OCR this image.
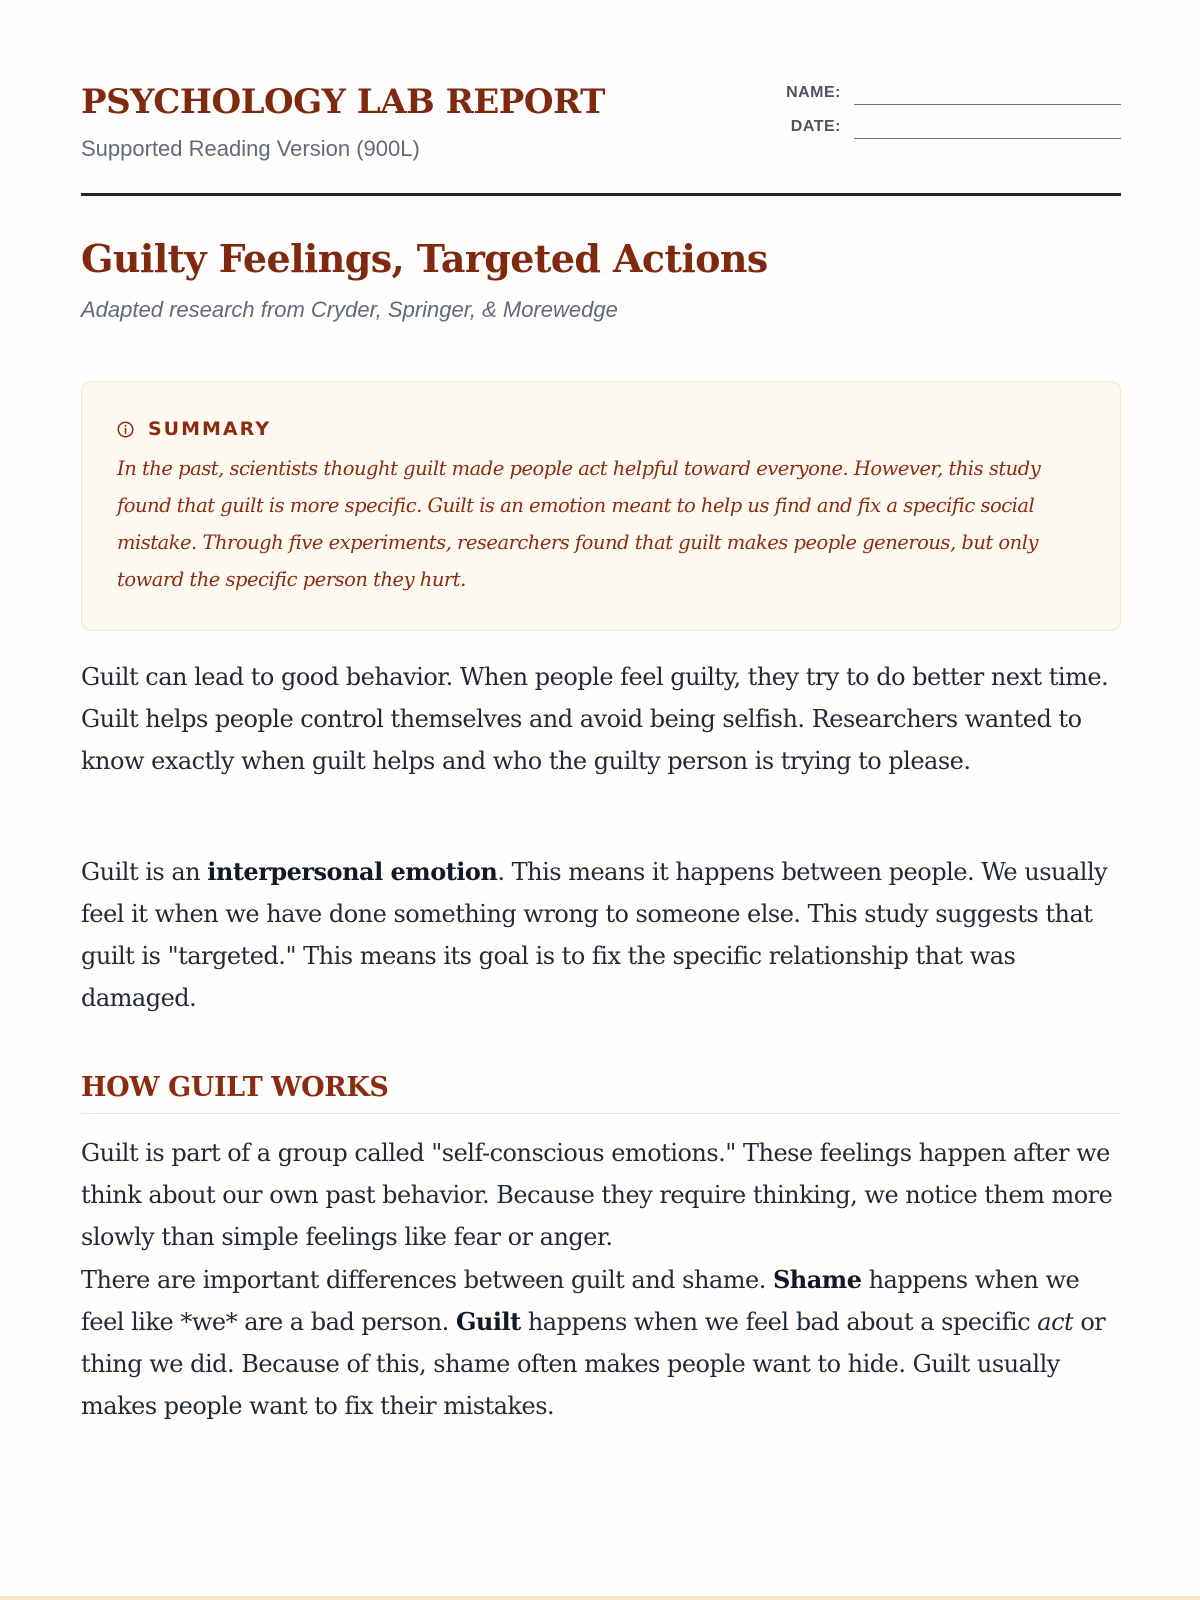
PSYCHOLOGY LAB REPORT

Supported Reading Version (900L)

NAME:
DATE:
Guilty Feelings, Targeted Actions

Adapted research from Cryder, Springer, & Morewedge

SUMMARY

In the past, scientists thought guilt made people act helpful toward everyone. However, this study found that guilt is more specific. Guilt is an emotion meant to help us find and fix a specific social mistake. Through five experiments, researchers found that guilt makes people generous, but only toward the specific person they hurt.

Guilt can lead to good behavior. When people feel guilty, they try to do better next time. Guilt helps people control themselves and avoid being selfish. Researchers wanted to know exactly when guilt helps and who the guilty person is trying to please.

Guilt is an interpersonal emotion. This means it happens between people. We usually feel it when we have done something wrong to someone else. This study suggests that guilt is "targeted." This means its goal is to fix the specific relationship that was damaged.

HOW GUILT WORKS

Guilt is part of a group called "self-conscious emotions." These feelings happen after we think about our own past behavior. Because they require thinking, we notice them more slowly than simple feelings like fear or anger.

There are important differences between guilt and shame. Shame happens when we feel like *we* are a bad person. Guilt happens when we feel bad about a specific act or thing we did. Because of this, shame often makes people want to hide. Guilt usually makes people want to fix their mistakes.
